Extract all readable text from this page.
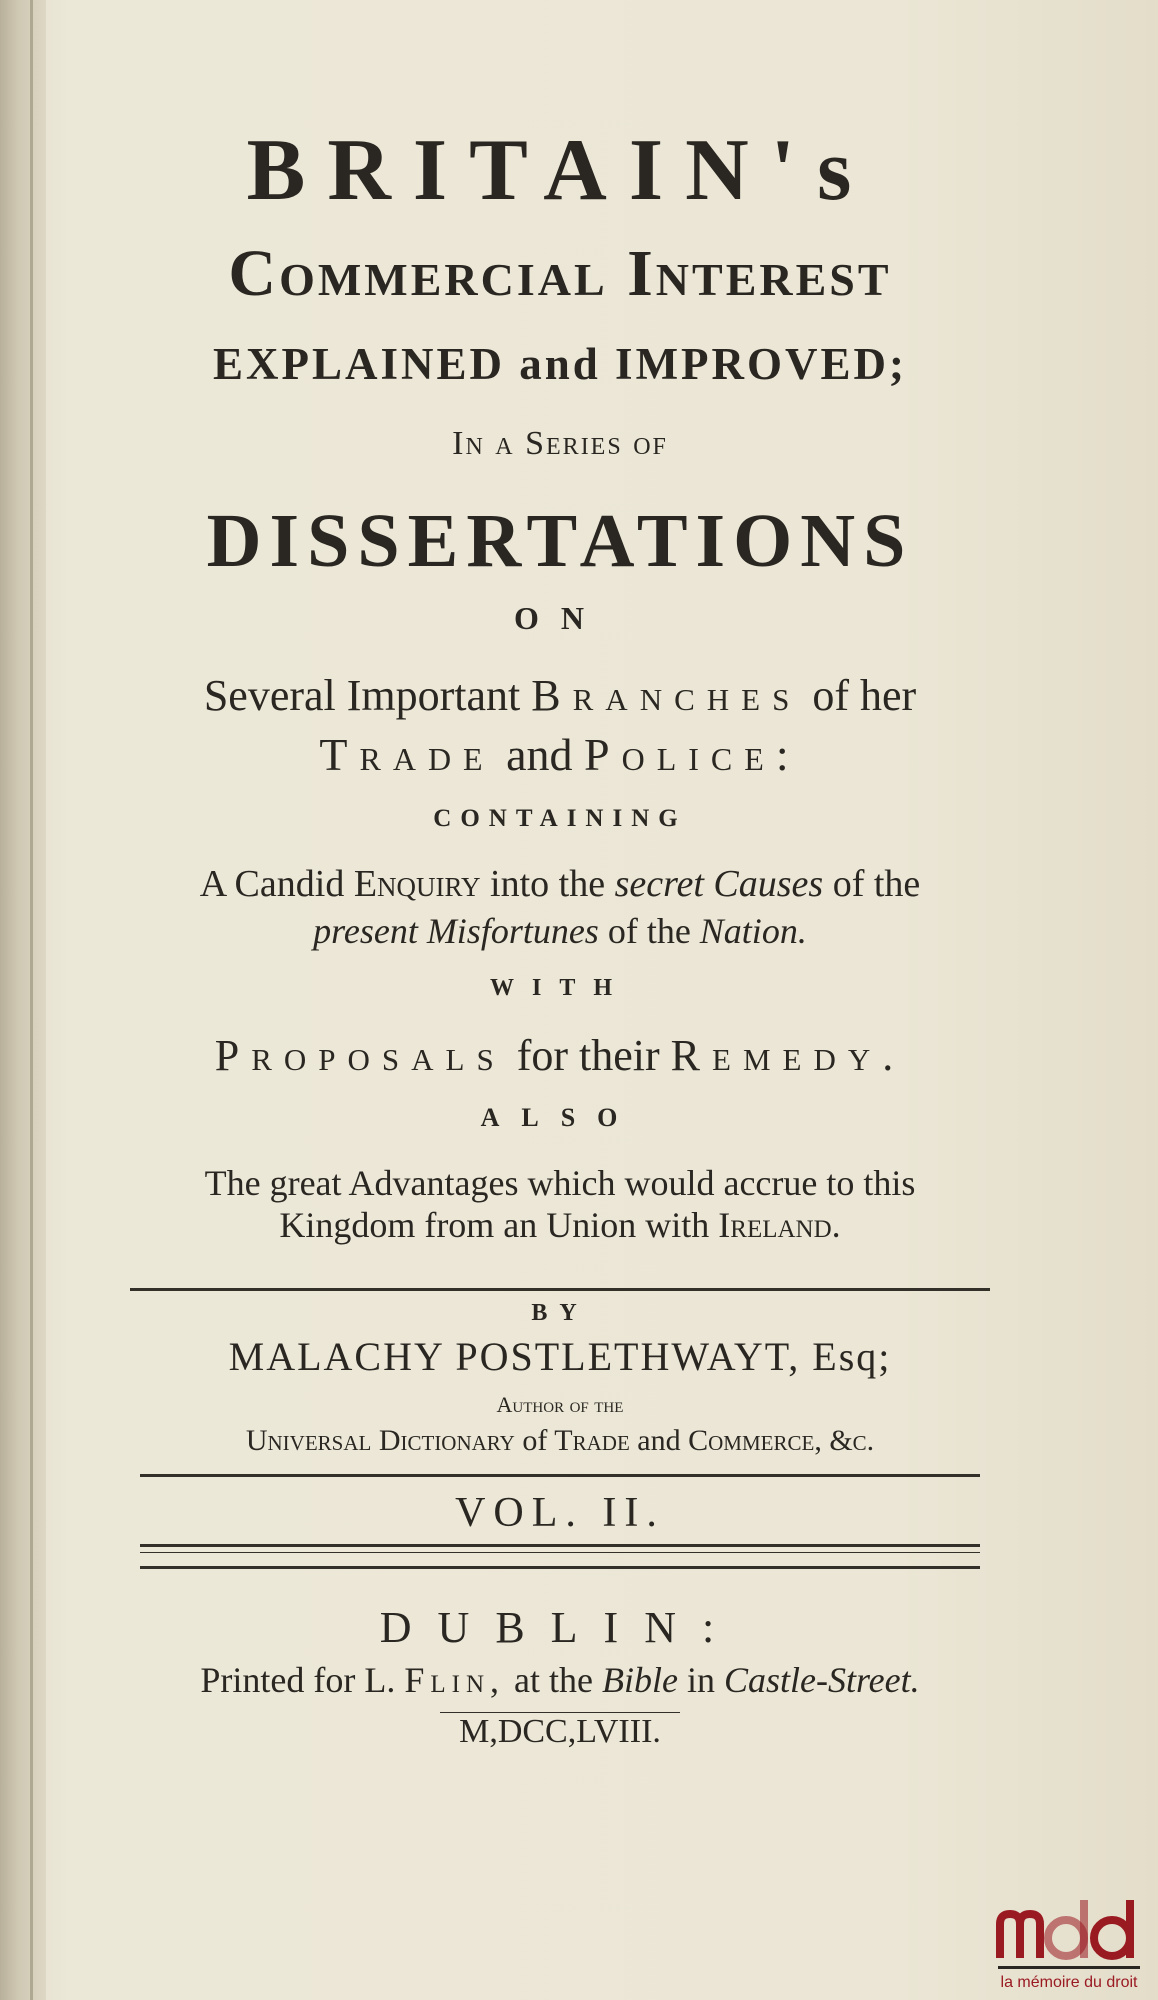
BRITAIN's
Commercial Interest
EXPLAINED and IMPROVED;
In a Series of
DISSERTATIONS
ON
Several Important Branches of her
Trade and Police:
CONTAINING
A Candid Enquiry into the secret Causes of the
present Misfortunes of the Nation.
WITH
Proposals for their Remedy.
ALSO
The great Advantages which would accrue to this
Kingdom from an Union with Ireland.
BY
MALACHY POSTLETHWAYT, Esq;
Author of the
Universal Dictionary of Trade and Commerce, &c.
VOL. II.
DUBLIN:
Printed for L. Flin, at the Bible in Castle-Street.
M,DCC,LVIII.
la mémoire du droit
